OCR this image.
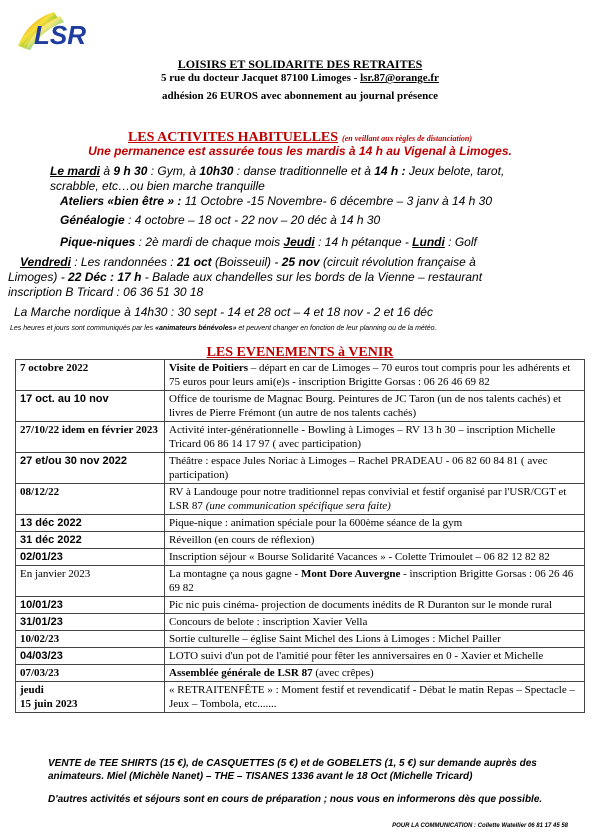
LSR
LOISIRS ET SOLIDARITE DES RETRAITES
5 rue du docteur Jacquet 87100 Limoges - lsr.87@orange.fr
adhésion 26 EUROS avec abonnement au journal présence
LES ACTIVITES HABITUELLES (en veillant aux règles de distanciation)
Une permanence est assurée tous les mardis à 14 h au Vigenal à Limoges.
Le mardi à 9 h 30 : Gym, à 10h30 : danse traditionnelle et à 14 h : Jeux belote, tarot,
scrabble, etc…ou bien marche tranquille
Ateliers «bien être » : 11 Octobre -15 Novembre- 6 décembre – 3 janv à 14 h 30
Généalogie : 4 octobre – 18 oct - 22 nov – 20 déc à 14 h 30
Pique-niques : 2è mardi de chaque mois Jeudi : 14 h pétanque - Lundi : Golf
Vendredi : Les randonnées : 21 oct (Boisseuil) - 25 nov (circuit révolution française à
Limoges) - 22 Déc : 17 h - Balade aux chandelles sur les bords de la Vienne – restaurant
inscription B Tricard : 06 36 51 30 18
La Marche nordique à 14h30 : 30 sept - 14 et 28 oct – 4 et 18 nov - 2 et 16 déc
Les heures et jours sont communiqués par les «animateurs bénévoles» et peuvent changer en fonction de leur planning ou de la météo.
LES EVENEMENTS à VENIR
7 octobre 2022	Visite de Poitiers – départ en car de Limoges – 70 euros tout compris pour les adhérents et 75 euros pour leurs ami(e)s - inscription Brigitte Gorsas : 06 26 46 69 82
17 oct. au 10 nov	Office de tourisme de Magnac Bourg. Peintures de JC Taron (un de nos talents cachés) et livres de Pierre Frémont (un autre de nos talents cachés)
27/10/22 idem en février 2023	Activité inter-générationnelle - Bowling à Limoges – RV 13 h 30 – inscription Michelle Tricard 06 86 14 17 97 ( avec participation)
27 et/ou 30 nov 2022	Théâtre : espace Jules Noriac à Limoges – Rachel PRADEAU - 06 82 60 84 81 ( avec participation)
08/12/22	RV à Landouge pour notre traditionnel repas convivial et festif organisé par l'USR/CGT et LSR 87 (une communication spécifique sera faite)
13 déc 2022	Pique-nique : animation spéciale pour la 600ème séance de la gym
31 déc 2022	Réveillon (en cours de réflexion)
02/01/23	Inscription séjour « Bourse Solidarité Vacances » - Colette Trimoulet – 06 82 12 82 82
En janvier 2023	La montagne ça nous gagne - Mont Dore Auvergne - inscription Brigitte Gorsas : 06 26 46 69 82
10/01/23	Pic nic puis cinéma- projection de documents inédits de R Duranton sur le monde rural
31/01/23	Concours de belote : inscription Xavier Vella
10/02/23	Sortie culturelle – église Saint Michel des Lions à Limoges : Michel Pailler
04/03/23	LOTO suivi d'un pot de l'amitié pour fêter les anniversaires en 0 - Xavier et Michelle
07/03/23	Assemblée générale de LSR 87 (avec crêpes)
jeudi
15 juin 2023	« RETRAITENFÊTE » : Moment festif et revendicatif - Débat le matin Repas – Spectacle – Jeux – Tombola, etc.......
VENTE de TEE SHIRTS (15 €), de CASQUETTES (5 €) et de GOBELETS (1, 5 €) sur demande auprès des animateurs. Miel (Michèle Nanet) – THE – TISANES 1336 avant le 18 Oct (Michelle Tricard)
D'autres activités et séjours sont en cours de préparation ; nous vous en informerons dès que possible.
POUR LA COMMUNICATION : Collette Watellier 06 81 17 45 58
